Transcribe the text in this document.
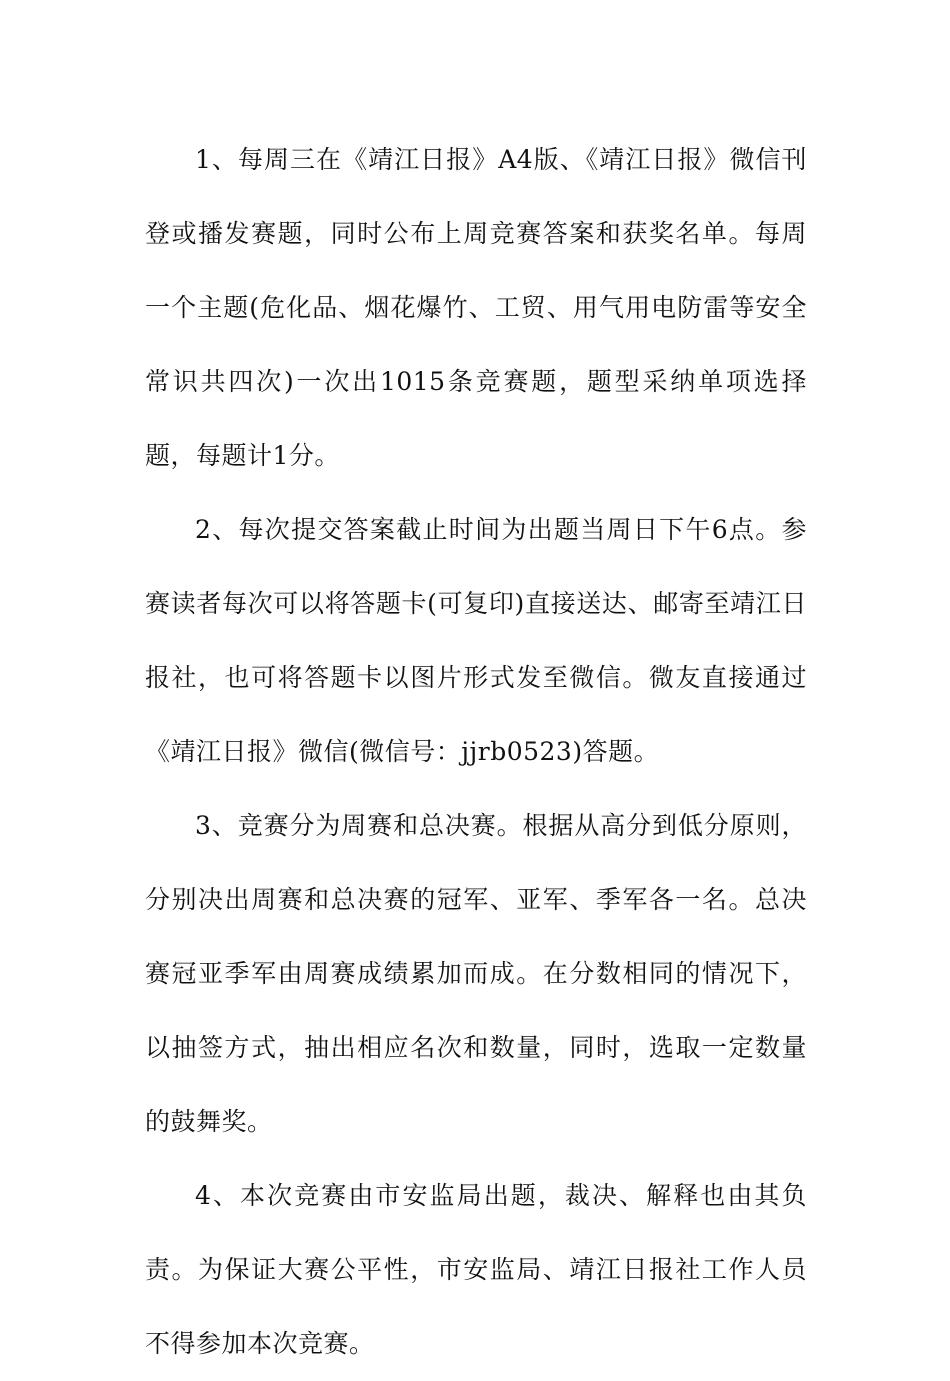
1、每周三在《靖江日报》A4版、《靖江日报》微信刊登或播发赛题，同时公布上周竞赛答案和获奖名单。每周一个主题(危化品、烟花爆竹、工贸、用气用电防雷等安全常识共四次)一次出1015条竞赛题，题型采纳单项选择题，每题计1分。

2、每次提交答案截止时间为出题当周日下午6点。参赛读者每次可以将答题卡(可复印)直接送达、邮寄至靖江日报社，也可将答题卡以图片形式发至微信。微友直接通过《靖江日报》微信(微信号：jjrb0523)答题。

3、竞赛分为周赛和总决赛。根据从高分到低分原则，分别决出周赛和总决赛的冠军、亚军、季军各一名。总决赛冠亚季军由周赛成绩累加而成。在分数相同的情况下，以抽签方式，抽出相应名次和数量，同时，选取一定数量的鼓舞奖。

4、本次竞赛由市安监局出题，裁决、解释也由其负责。为保证大赛公平性，市安监局、靖江日报社工作人员不得参加本次竞赛。
